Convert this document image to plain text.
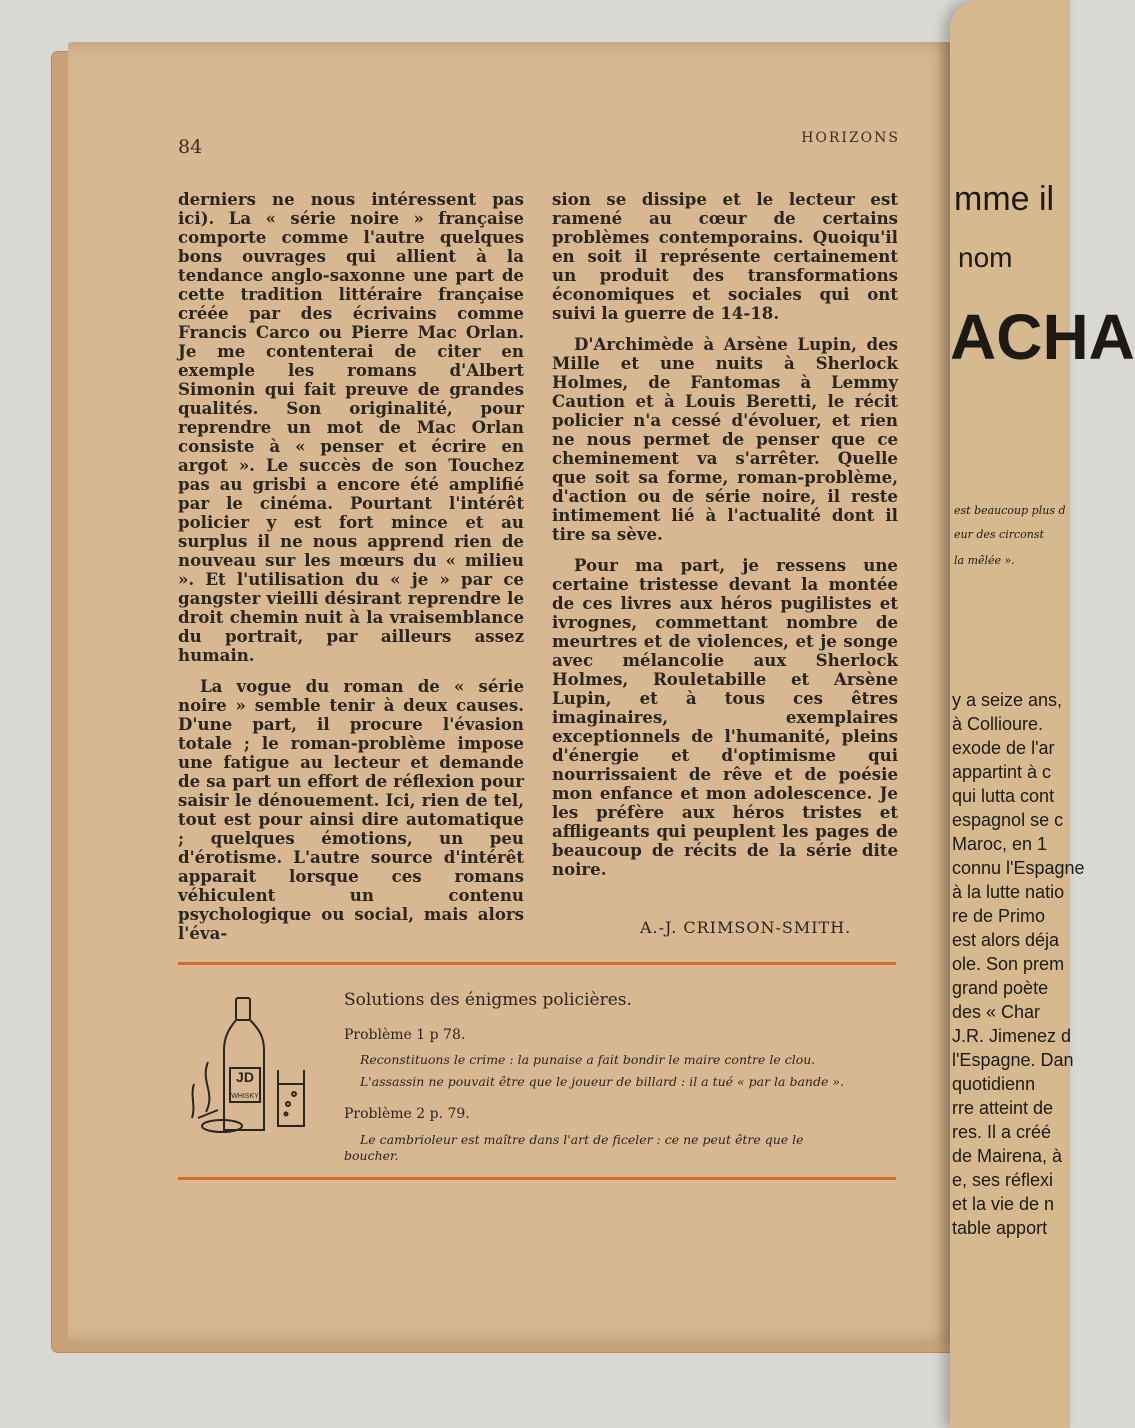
84	HORIZONS

derniers ne nous intéressent pas ici). La « série noire » française comporte comme l'autre quelques bons ouvrages qui allient à la tendance anglo-saxonne une part de cette tradition littéraire française créée par des écrivains comme Francis Carco ou Pierre Mac Orlan. Je me contenterai de citer en exemple les romans d'Albert Simonin qui fait preuve de grandes qualités. Son originalité, pour reprendre un mot de Mac Orlan consiste à « penser et écrire en argot ». Le succès de son Touchez pas au grisbi a encore été amplifié par le cinéma. Pourtant l'intérêt policier y est fort mince et au surplus il ne nous apprend rien de nouveau sur les mœurs du « milieu ». Et l'utilisation du « je » par ce gangster vieilli désirant reprendre le droit chemin nuit à la vraisemblance du portrait, par ailleurs assez humain.

La vogue du roman de « série noire » semble tenir à deux causes. D'une part, il procure l'évasion totale ; le roman-problème impose une fatigue au lecteur et demande de sa part un effort de réflexion pour saisir le dénouement. Ici, rien de tel, tout est pour ainsi dire automatique ; quelques émotions, un peu d'érotisme. L'autre source d'intérêt apparait lorsque ces romans véhiculent un contenu psychologique ou social, mais alors l'éva-

sion se dissipe et le lecteur est ramené au cœur de certains problèmes contemporains. Quoiqu'il en soit il représente certainement un produit des transformations économiques et sociales qui ont suivi la guerre de 14-18.

D'Archimède à Arsène Lupin, des Mille et une nuits à Sherlock Holmes, de Fantomas à Lemmy Caution et à Louis Beretti, le récit policier n'a cessé d'évoluer, et rien ne nous permet de penser que ce cheminement va s'arrêter. Quelle que soit sa forme, roman-problème, d'action ou de série noire, il reste intimement lié à l'actualité dont il tire sa sève.

Pour ma part, je ressens une certaine tristesse devant la montée de ces livres aux héros pugilistes et ivrognes, commettant nombre de meurtres et de violences, et je songe avec mélancolie aux Sherlock Holmes, Rouletabille et Arsène Lupin, et à tous ces êtres imaginaires, exemplaires exceptionnels de l'humanité, pleins d'énergie et d'optimisme qui nourrissaient de rêve et de poésie mon enfance et mon adolescence. Je les préfère aux héros tristes et affligeants qui peuplent les pages de beaucoup de récits de la série dite noire.

A.-J. CRIMSON-SMITH.
JD
WHISKY
Solutions des énigmes policières.
Problème 1 p 78.
Reconstituons le crime : la punaise a fait bondir le maire contre le clou.
L'assassin ne pouvait être que le joueur de billard : il a tué « par la bande ».
Problème 2 p. 79.
Le cambrioleur est maître dans l'art de ficeler : ce ne peut être que le
boucher.
mme il
nom
ACHA
est beaucoup plus d
eur des circonst
la mêlée ».
y a seize ans,
à Collioure.
exode de l'ar
appartint à c
qui lutta cont
espagnol se c
Maroc, en 1
connu l'Espagne
à la lutte natio
re de Primo
est alors déja
ole. Son prem
grand poète
des « Char
J.R. Jimenez d
l'Espagne. Dan
quotidienn
rre atteint de
res. Il a créé
de Mairena, à
e, ses réflexi
et la vie de n
table apport
